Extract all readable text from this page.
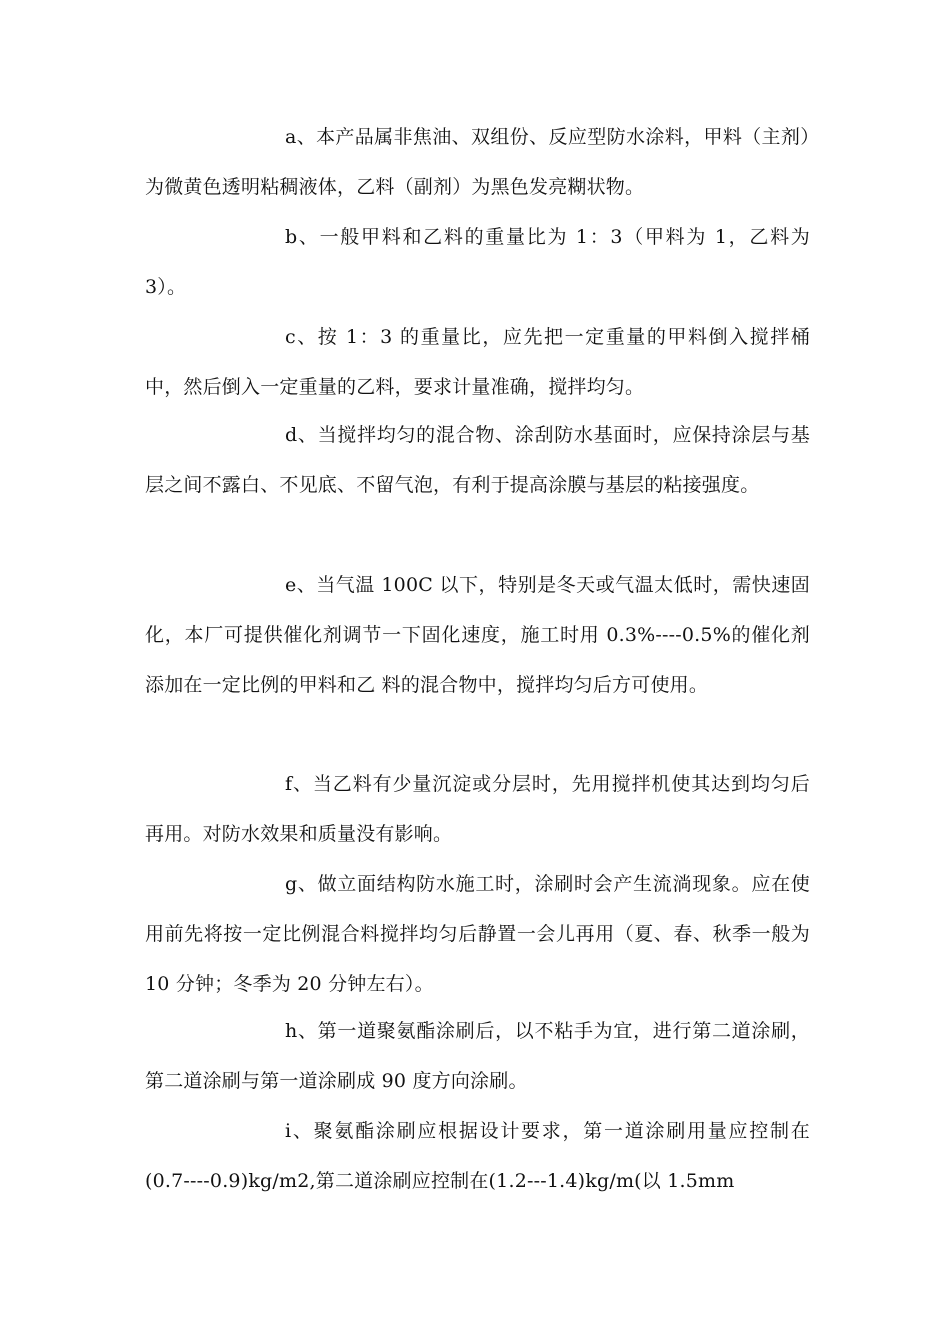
a、本产品属非焦油、双组份、反应型防水涂料，甲料（主剂）为微黄色透明粘稠液体，乙料（副剂）为黑色发亮糊状物。

b、一般甲料和乙料的重量比为 1：3（甲料为 1，乙料为 3）。

c、按 1：3 的重量比，应先把一定重量的甲料倒入搅拌桶中，然后倒入一定重量的乙料，要求计量准确，搅拌均匀。

d、当搅拌均匀的混合物、涂刮防水基面时，应保持涂层与基层之间不露白、不见底、不留气泡，有利于提高涂膜与基层的粘接强度。

e、当气温 100C 以下，特别是冬天或气温太低时，需快速固化，本厂可提供催化剂调节一下固化速度，施工时用 0.3%----0.5%的催化剂添加在一定比例的甲料和乙 料的混合物中，搅拌均匀后方可使用。

f、当乙料有少量沉淀或分层时，先用搅拌机使其达到均匀后再用。对防水效果和质量没有影响。

g、做立面结构防水施工时，涂刷时会产生流淌现象。应在使用前先将按一定比例混合料搅拌均匀后静置一会儿再用（夏、春、秋季一般为 10 分钟；冬季为 20 分钟左右）。

h、第一道聚氨酯涂刷后，以不粘手为宜，进行第二道涂刷，第二道涂刷与第一道涂刷成 90 度方向涂刷。

i、聚氨酯涂刷应根据设计要求，第一道涂刷用量应控制在(0.7----0.9)kg/m2,第二道涂刷应控制在(1.2---1.4)kg/m(以 1.5mm
